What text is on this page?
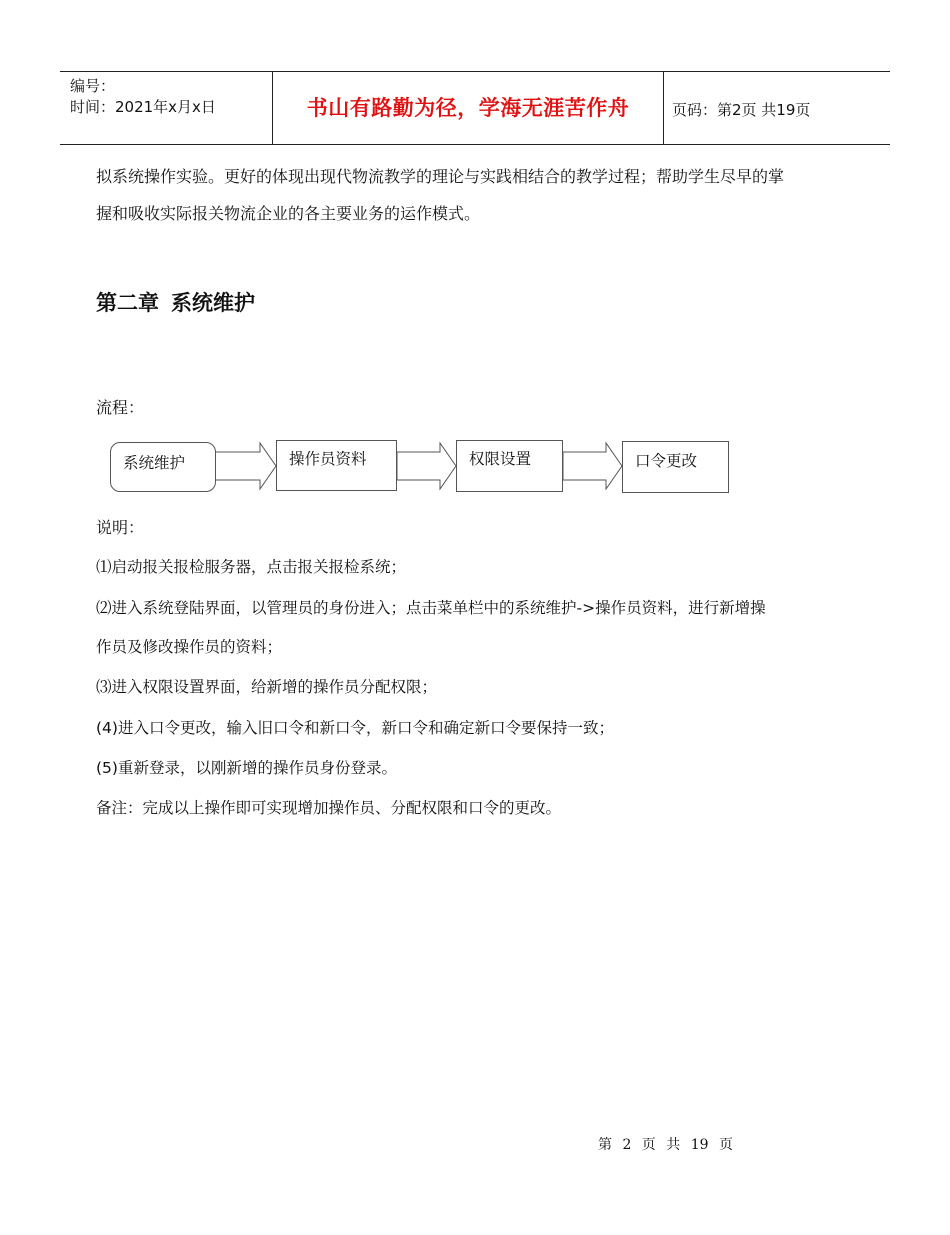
编号：
时间：2021年x月x日	书山有路勤为径，学海无涯苦作舟	页码：第2页 共19页
拟系统操作实验。更好的体现出现代物流教学的理论与实践相结合的教学过程；帮助学生尽早的掌
握和吸收实际报关物流企业的各主要业务的运作模式。
第二章 系统维护
流程：
系统维护	操作员资料	权限设置	口令更改
说明：
⑴启动报关报检服务器，点击报关报检系统；
⑵进入系统登陆界面，以管理员的身份进入；点击菜单栏中的系统维护->操作员资料，进行新增操
作员及修改操作员的资料；
⑶进入权限设置界面，给新增的操作员分配权限；
(4)进入口令更改，输入旧口令和新口令，新口令和确定新口令要保持一致；
(5)重新登录，以刚新增的操作员身份登录。
备注：完成以上操作即可实现增加操作员、分配权限和口令的更改。
第 2 页 共 19 页
